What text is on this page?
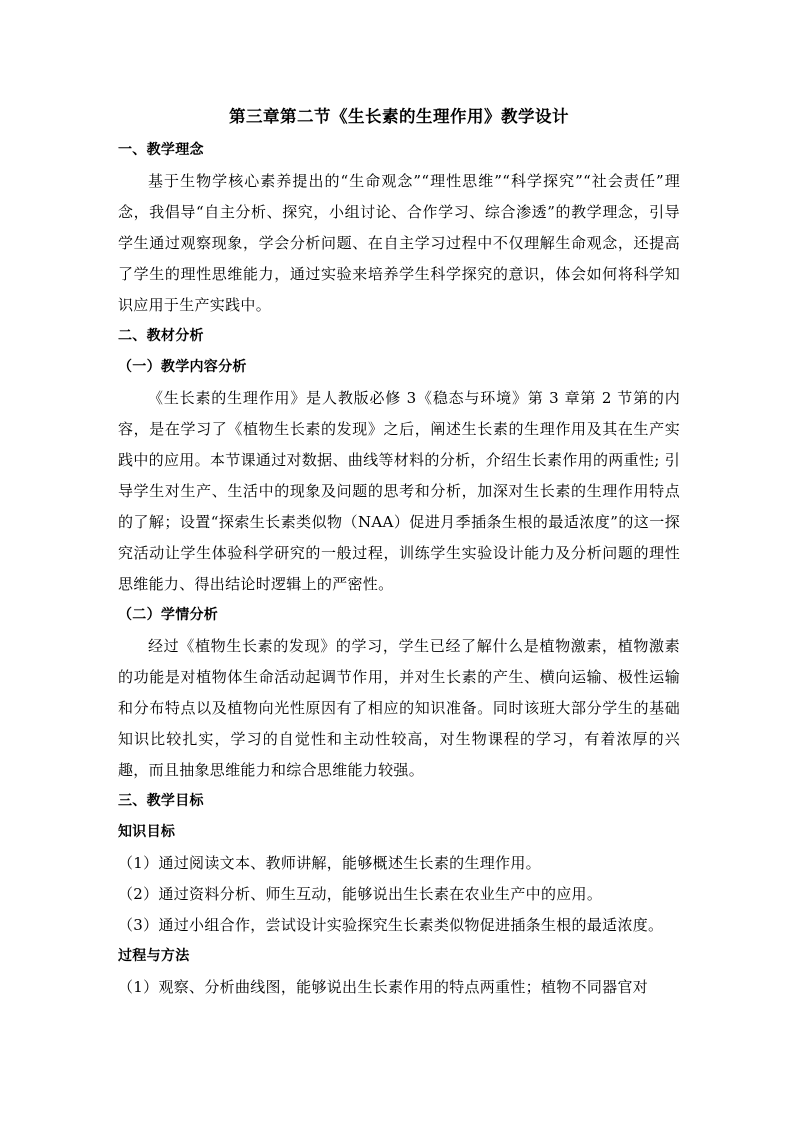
第三章第二节《生长素的生理作用》教学设计
一、教学理念

基于生物学核心素养提出的“生命观念”“理性思维”“科学探究”“社会责任”理念，我倡导“自主分析、探究，小组讨论、合作学习、综合渗透”的教学理念，引导学生通过观察现象，学会分析问题、在自主学习过程中不仅理解生命观念，还提高了学生的理性思维能力，通过实验来培养学生科学探究的意识，体会如何将科学知识应用于生产实践中。

二、教材分析
（一）教学内容分析

《生长素的生理作用》是人教版必修 3《稳态与环境》第 3 章第 2 节第的内容，是在学习了《植物生长素的发现》之后，阐述生长素的生理作用及其在生产实践中的应用。本节课通过对数据、曲线等材料的分析，介绍生长素作用的两重性; 引导学生对生产、生活中的现象及问题的思考和分析，加深对生长素的生理作用特点的了解；设置“探索生长素类似物（NAA）促进月季插条生根的最适浓度”的这一探究活动让学生体验科学研究的一般过程，训练学生实验设计能力及分析问题的理性思维能力、得出结论时逻辑上的严密性。

（二）学情分析

经过《植物生长素的发现》的学习，学生已经了解什么是植物激素，植物激素的功能是对植物体生命活动起调节作用，并对生长素的产生、横向运输、极性运输和分布特点以及植物向光性原因有了相应的知识准备。同时该班大部分学生的基础知识比较扎实，学习的自觉性和主动性较高，对生物课程的学习，有着浓厚的兴趣，而且抽象思维能力和综合思维能力较强。

三、教学目标
知识目标
（1）通过阅读文本、教师讲解，能够概述生长素的生理作用。
（2）通过资料分析、师生互动，能够说出生长素在农业生产中的应用。
（3）通过小组合作，尝试设计实验探究生长素类似物促进插条生根的最适浓度。
过程与方法
（1）观察、分析曲线图，能够说出生长素作用的特点两重性；植物不同器官对
